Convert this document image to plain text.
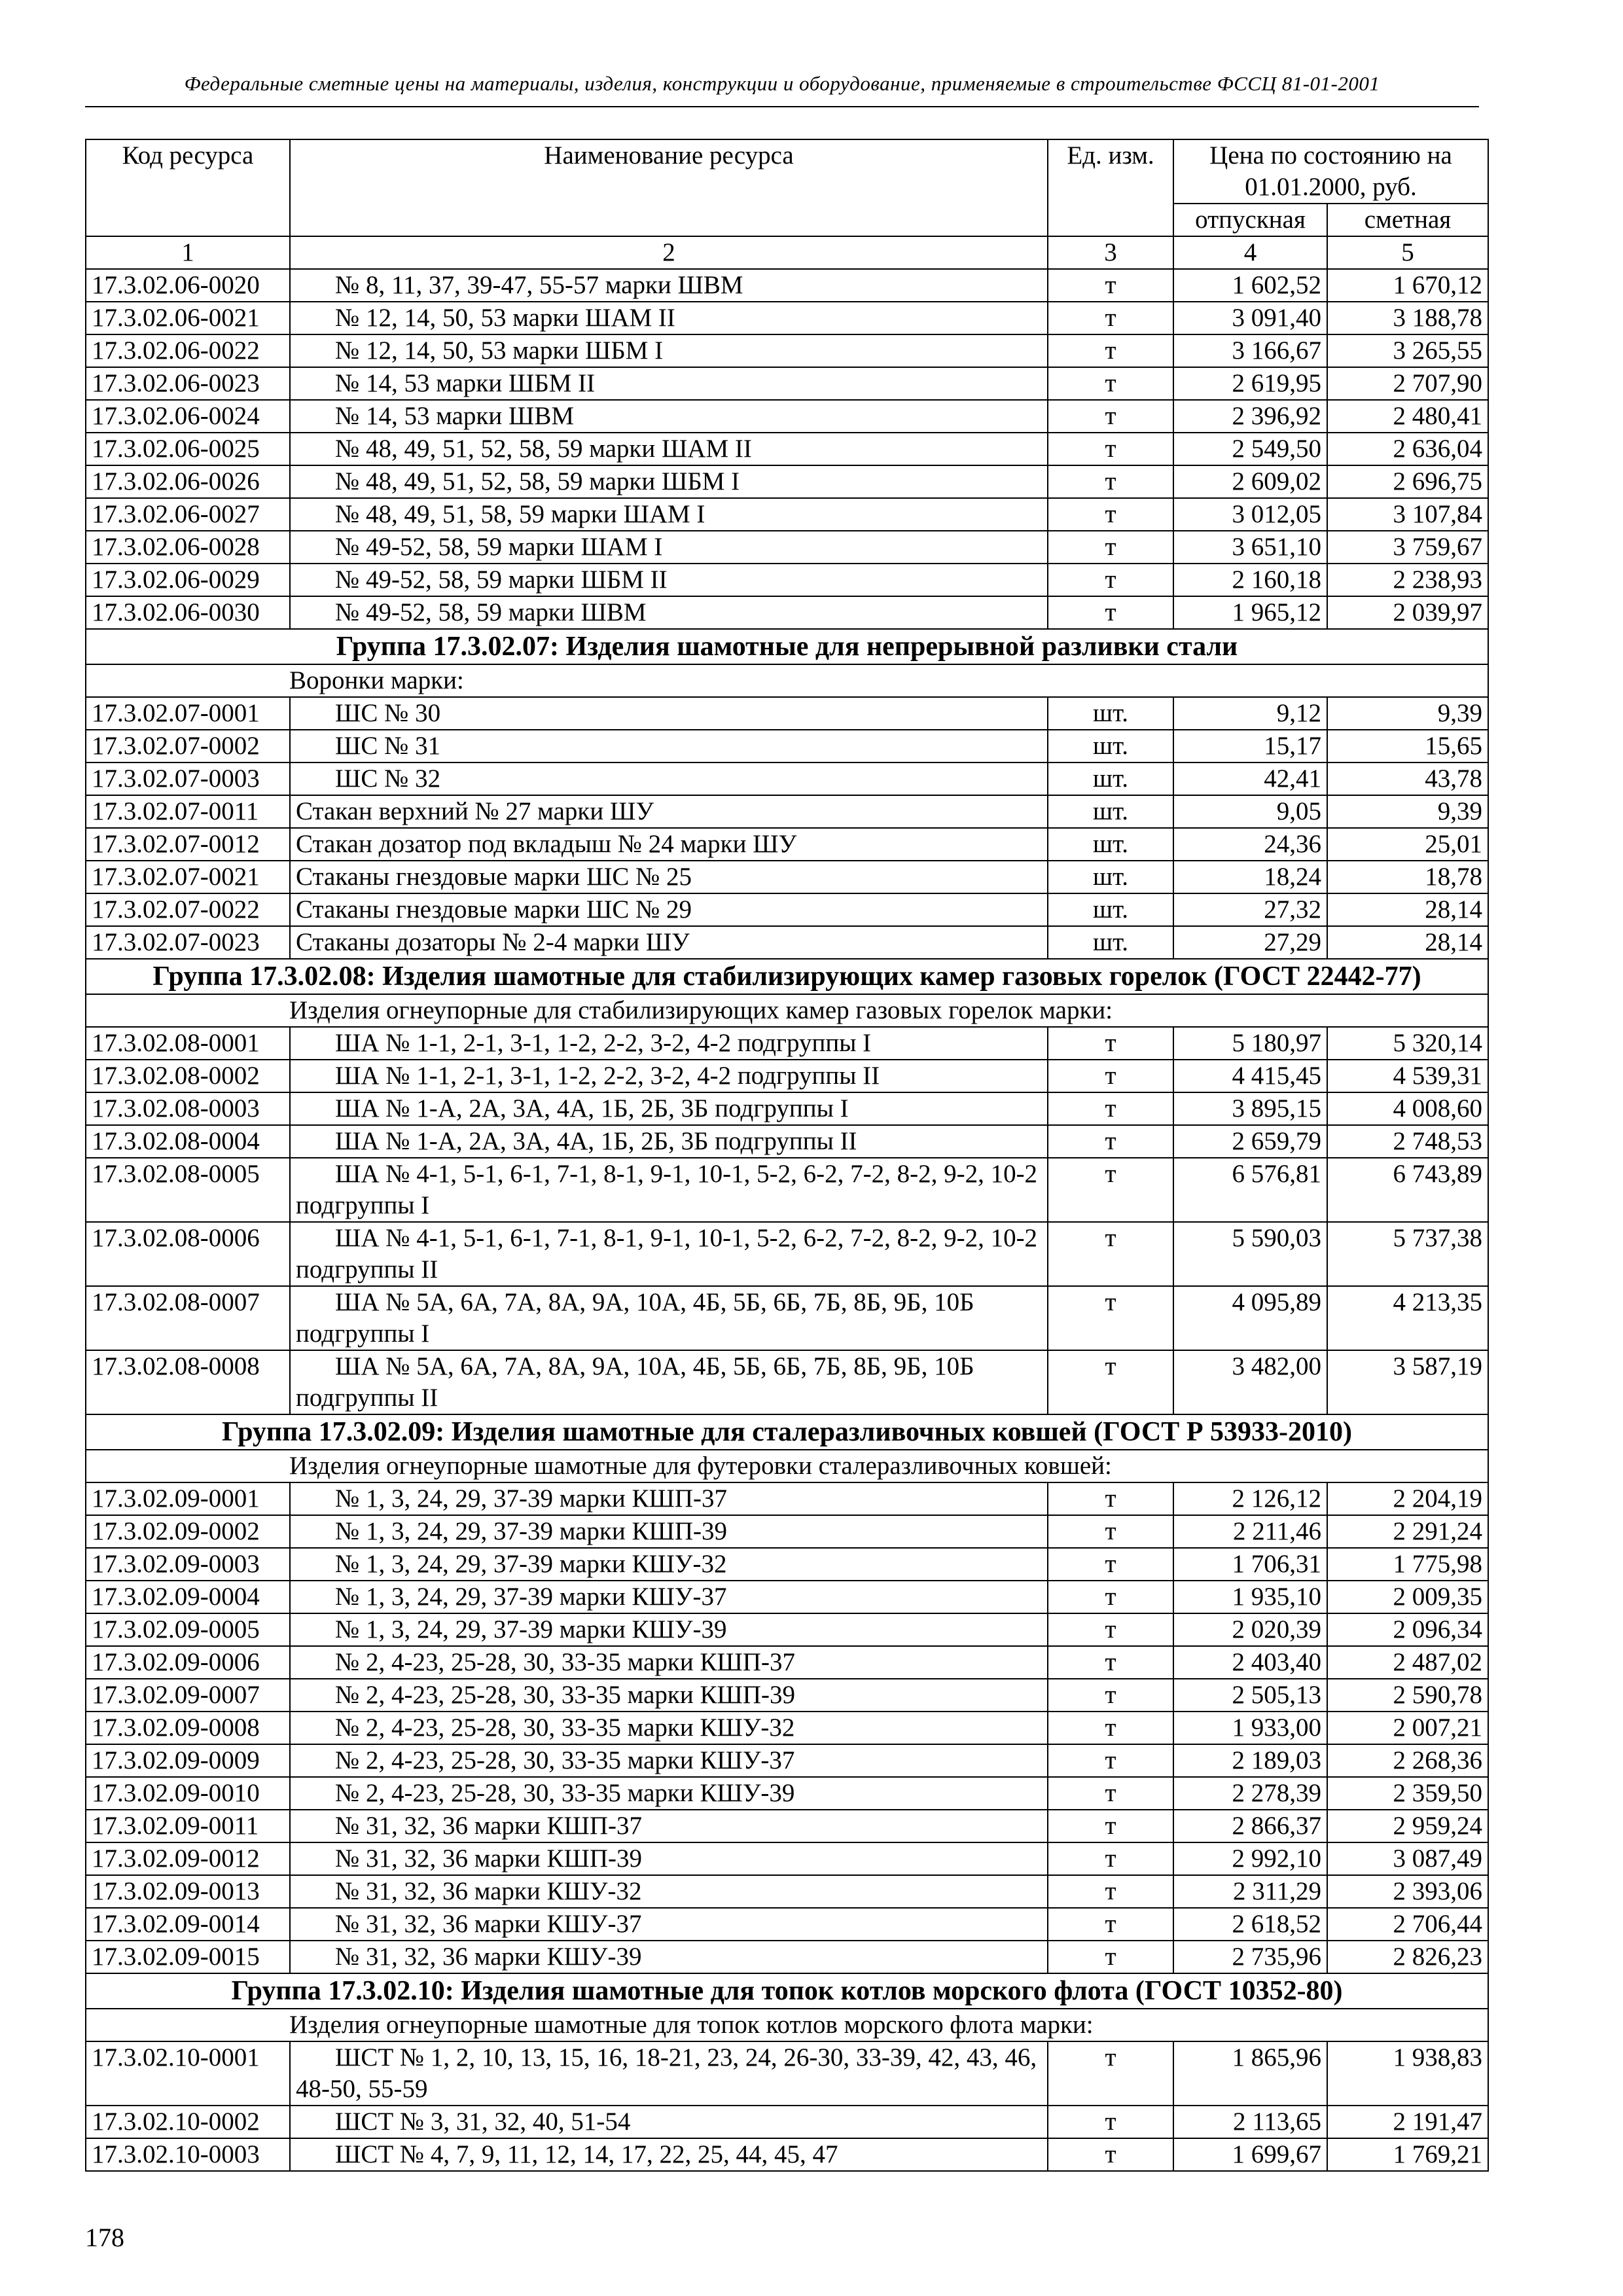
Федеральные сметные цены на материалы, изделия, конструкции и оборудование, применяемые в строительстве ФССЦ 81-01-2001
Код ресурса	Наименование ресурса	Ед. изм.	Цена по состоянию на 01.01.2000, руб.	
			отпускная	сметная
1	2	3	4	5
17.3.02.06-0020	№ 8, 11, 37, 39-47, 55-57 марки ШВМ	т	1 602,52	1 670,12
17.3.02.06-0021	№ 12, 14, 50, 53 марки ШАМ II	т	3 091,40	3 188,78
17.3.02.06-0022	№ 12, 14, 50, 53 марки ШБМ I	т	3 166,67	3 265,55
17.3.02.06-0023	№ 14, 53 марки ШБМ II	т	2 619,95	2 707,90
17.3.02.06-0024	№ 14, 53 марки ШВМ	т	2 396,92	2 480,41
17.3.02.06-0025	№ 48, 49, 51, 52, 58, 59 марки ШАМ II	т	2 549,50	2 636,04
17.3.02.06-0026	№ 48, 49, 51, 52, 58, 59 марки ШБМ I	т	2 609,02	2 696,75
17.3.02.06-0027	№ 48, 49, 51, 58, 59 марки ШАМ I	т	3 012,05	3 107,84
17.3.02.06-0028	№ 49-52, 58, 59 марки ШАМ I	т	3 651,10	3 759,67
17.3.02.06-0029	№ 49-52, 58, 59 марки ШБМ II	т	2 160,18	2 238,93
17.3.02.06-0030	№ 49-52, 58, 59 марки ШВМ	т	1 965,12	2 039,97
Группа 17.3.02.07: Изделия шамотные для непрерывной разливки стали				
Воронки марки:				
17.3.02.07-0001	ШС № 30	шт.	9,12	9,39
17.3.02.07-0002	ШС № 31	шт.	15,17	15,65
17.3.02.07-0003	ШС № 32	шт.	42,41	43,78
17.3.02.07-0011	Стакан верхний № 27 марки ШУ	шт.	9,05	9,39
17.3.02.07-0012	Стакан дозатор под вкладыш № 24 марки ШУ	шт.	24,36	25,01
17.3.02.07-0021	Стаканы гнездовые марки ШС № 25	шт.	18,24	18,78
17.3.02.07-0022	Стаканы гнездовые марки ШС № 29	шт.	27,32	28,14
17.3.02.07-0023	Стаканы дозаторы № 2-4 марки ШУ	шт.	27,29	28,14
Группа 17.3.02.08: Изделия шамотные для стабилизирующих камер газовых горелок (ГОСТ 22442-77)				
Изделия огнеупорные для стабилизирующих камер газовых горелок марки:				
17.3.02.08-0001	ША № 1-1, 2-1, 3-1, 1-2, 2-2, 3-2, 4-2 подгруппы I	т	5 180,97	5 320,14
17.3.02.08-0002	ША № 1-1, 2-1, 3-1, 1-2, 2-2, 3-2, 4-2 подгруппы II	т	4 415,45	4 539,31
17.3.02.08-0003	ША № 1-А, 2А, 3А, 4А, 1Б, 2Б, 3Б подгруппы I	т	3 895,15	4 008,60
17.3.02.08-0004	ША № 1-А, 2А, 3А, 4А, 1Б, 2Б, 3Б подгруппы II	т	2 659,79	2 748,53
17.3.02.08-0005	ША № 4-1, 5-1, 6-1, 7-1, 8-1, 9-1, 10-1, 5-2, 6-2, 7-2, 8-2, 9-2, 10-2 подгруппы I	т	6 576,81	6 743,89
17.3.02.08-0006	ША № 4-1, 5-1, 6-1, 7-1, 8-1, 9-1, 10-1, 5-2, 6-2, 7-2, 8-2, 9-2, 10-2 подгруппы II	т	5 590,03	5 737,38
17.3.02.08-0007	ША № 5А, 6А, 7А, 8А, 9А, 10А, 4Б, 5Б, 6Б, 7Б, 8Б, 9Б, 10Б подгруппы I	т	4 095,89	4 213,35
17.3.02.08-0008	ША № 5А, 6А, 7А, 8А, 9А, 10А, 4Б, 5Б, 6Б, 7Б, 8Б, 9Б, 10Б подгруппы II	т	3 482,00	3 587,19
Группа 17.3.02.09: Изделия шамотные для сталеразливочных ковшей (ГОСТ Р 53933-2010)				
Изделия огнеупорные шамотные для футеровки сталеразливочных ковшей:				
17.3.02.09-0001	№ 1, 3, 24, 29, 37-39 марки КШП-37	т	2 126,12	2 204,19
17.3.02.09-0002	№ 1, 3, 24, 29, 37-39 марки КШП-39	т	2 211,46	2 291,24
17.3.02.09-0003	№ 1, 3, 24, 29, 37-39 марки КШУ-32	т	1 706,31	1 775,98
17.3.02.09-0004	№ 1, 3, 24, 29, 37-39 марки КШУ-37	т	1 935,10	2 009,35
17.3.02.09-0005	№ 1, 3, 24, 29, 37-39 марки КШУ-39	т	2 020,39	2 096,34
17.3.02.09-0006	№ 2, 4-23, 25-28, 30, 33-35 марки КШП-37	т	2 403,40	2 487,02
17.3.02.09-0007	№ 2, 4-23, 25-28, 30, 33-35 марки КШП-39	т	2 505,13	2 590,78
17.3.02.09-0008	№ 2, 4-23, 25-28, 30, 33-35 марки КШУ-32	т	1 933,00	2 007,21
17.3.02.09-0009	№ 2, 4-23, 25-28, 30, 33-35 марки КШУ-37	т	2 189,03	2 268,36
17.3.02.09-0010	№ 2, 4-23, 25-28, 30, 33-35 марки КШУ-39	т	2 278,39	2 359,50
17.3.02.09-0011	№ 31, 32, 36 марки КШП-37	т	2 866,37	2 959,24
17.3.02.09-0012	№ 31, 32, 36 марки КШП-39	т	2 992,10	3 087,49
17.3.02.09-0013	№ 31, 32, 36 марки КШУ-32	т	2 311,29	2 393,06
17.3.02.09-0014	№ 31, 32, 36 марки КШУ-37	т	2 618,52	2 706,44
17.3.02.09-0015	№ 31, 32, 36 марки КШУ-39	т	2 735,96	2 826,23
Группа 17.3.02.10: Изделия шамотные для топок котлов морского флота (ГОСТ 10352-80)				
Изделия огнеупорные шамотные для топок котлов морского флота марки:				
17.3.02.10-0001	ШСТ № 1, 2, 10, 13, 15, 16, 18-21, 23, 24, 26-30, 33-39, 42, 43, 46, 48-50, 55-59	т	1 865,96	1 938,83
17.3.02.10-0002	ШСТ № 3, 31, 32, 40, 51-54	т	2 113,65	2 191,47
17.3.02.10-0003	ШСТ № 4, 7, 9, 11, 12, 14, 17, 22, 25, 44, 45, 47	т	1 699,67	1 769,21
178
